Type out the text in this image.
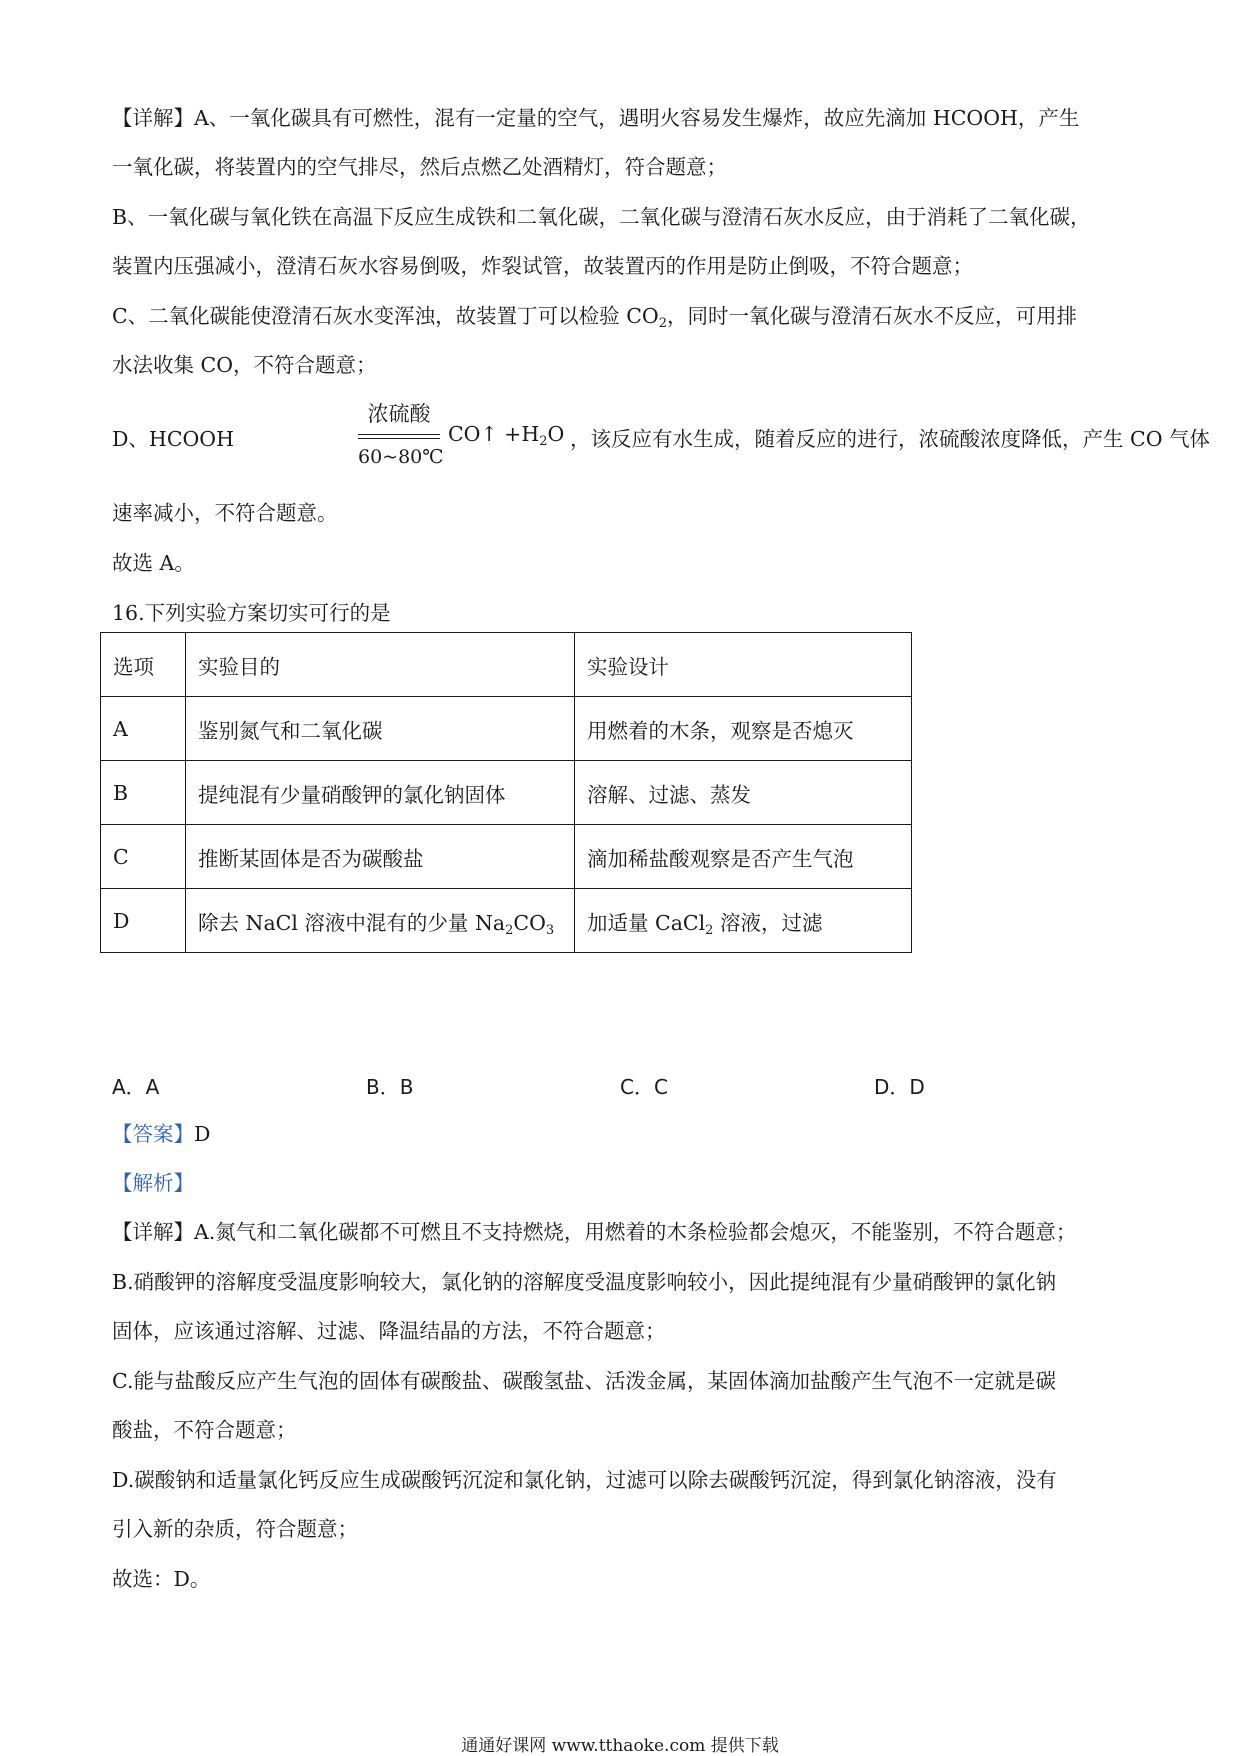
【详解】A、一氧化碳具有可燃性，混有一定量的空气，遇明火容易发生爆炸，故应先滴加 HCOOH，产生
一氧化碳，将装置内的空气排尽，然后点燃乙处酒精灯，符合题意；
B、一氧化碳与氧化铁在高温下反应生成铁和二氧化碳，二氧化碳与澄清石灰水反应，由于消耗了二氧化碳，
装置内压强减小，澄清石灰水容易倒吸，炸裂试管，故装置丙的作用是防止倒吸，不符合题意；
C、二氧化碳能使澄清石灰水变浑浊，故装置丁可以检验 $CO_2$，同时一氧化碳与澄清石灰水不反应，可用排
水法收集 CO，不符合题意；
D、HCOOH
浓硫酸
60~80℃
CO↑ $+H_2O$ ，该反应有水生成，随着反应的进行，浓硫酸浓度降低，产生 CO 气体
速率减小，不符合题意。
故选 A。
16.下列实验方案切实可行的是
选项	实验目的	实验设计
A	鉴别氮气和二氧化碳	用燃着的木条，观察是否熄灭
B	提纯混有少量硝酸钾的氯化钠固体	溶解、过滤、蒸发
C	推断某固体是否为碳酸盐	滴加稀盐酸观察是否产生气泡
D	除去 NaCl 溶液中混有的少量 $Na_2CO_3$	加适量 CaCl$_2$ 溶液，过滤
A．A	B．B	C．C	D．D
【答案】D
【解析】
【详解】A.氮气和二氧化碳都不可燃且不支持燃烧，用燃着的木条检验都会熄灭，不能鉴别，不符合题意；
B.硝酸钾的溶解度受温度影响较大，氯化钠的溶解度受温度影响较小，因此提纯混有少量硝酸钾的氯化钠
固体，应该通过溶解、过滤、降温结晶的方法，不符合题意；
C.能与盐酸反应产生气泡的固体有碳酸盐、碳酸氢盐、活泼金属，某固体滴加盐酸产生气泡不一定就是碳
酸盐，不符合题意；
D.碳酸钠和适量氯化钙反应生成碳酸钙沉淀和氯化钠，过滤可以除去碳酸钙沉淀，得到氯化钠溶液，没有
引入新的杂质，符合题意；
故选：D。
通通好课网 www.tthaoke.com 提供下载
